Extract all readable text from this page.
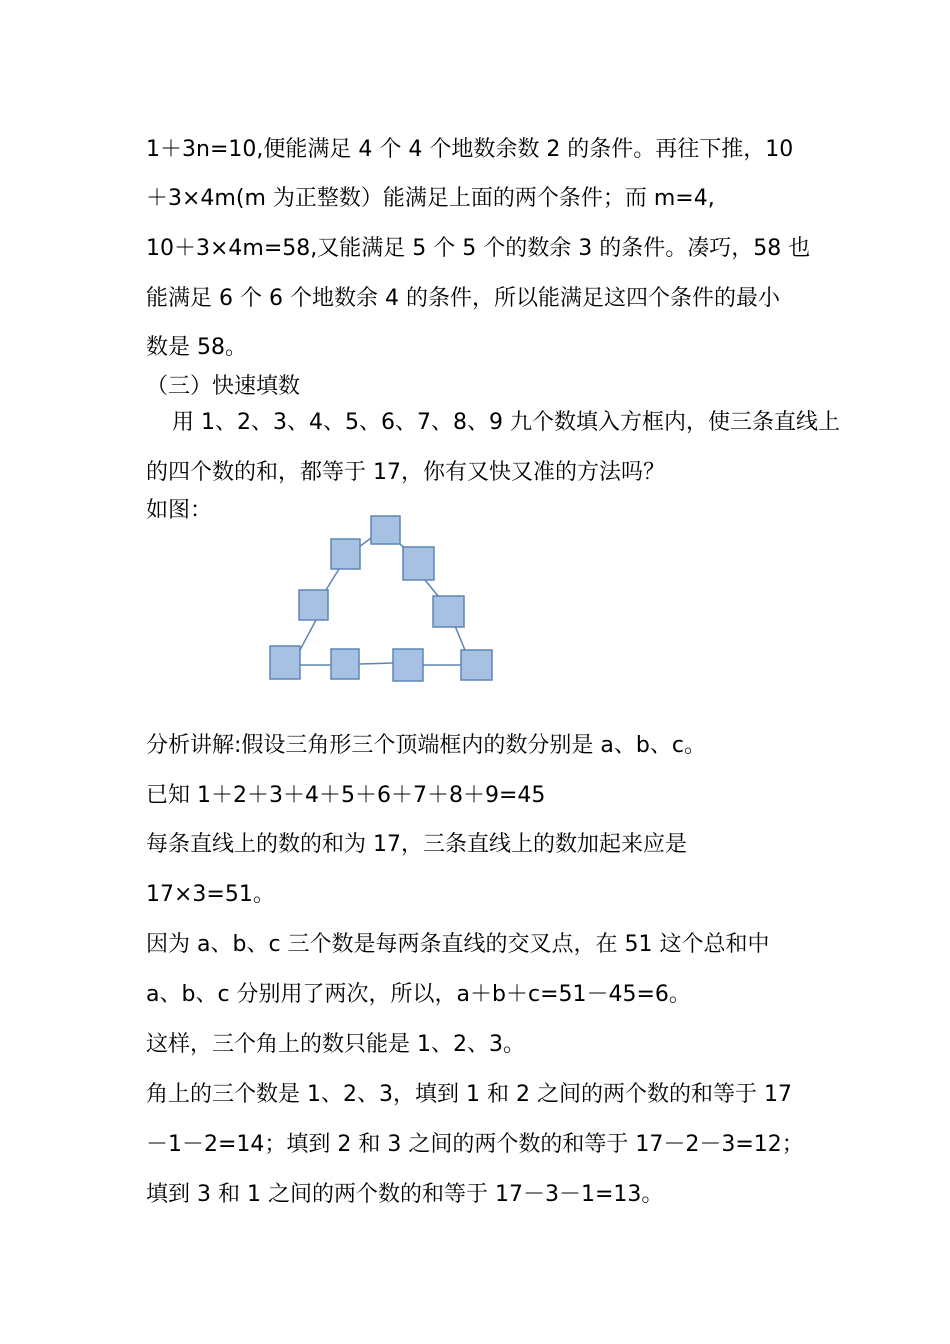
1＋3n=10,便能满足 4 个 4 个地数余数 2 的条件。再往下推，10
＋3×4m(m 为正整数）能满足上面的两个条件；而 m=4,
10＋3×4m=58,又能满足 5 个 5 个的数余 3 的条件。凑巧，58 也
能满足 6 个 6 个地数余 4 的条件，所以能满足这四个条件的最小
数是 58。
（三）快速填数
用 1、2、3、4、5、6、7、8、9 九个数填入方框内，使三条直线上
的四个数的和，都等于 17，你有又快又准的方法吗？
如图：
分析讲解:假设三角形三个顶端框内的数分别是 a、b、c。
已知 1＋2＋3＋4＋5＋6＋7＋8＋9=45
每条直线上的数的和为 17，三条直线上的数加起来应是
17×3=51。
因为 a、b、c 三个数是每两条直线的交叉点，在 51 这个总和中
a、b、c 分别用了两次，所以，a＋b＋c=51－45=6。
这样，三个角上的数只能是 1、2、3。
角上的三个数是 1、2、3，填到 1 和 2 之间的两个数的和等于 17
－1－2=14；填到 2 和 3 之间的两个数的和等于 17－2－3=12；
填到 3 和 1 之间的两个数的和等于 17－3－1=13。
